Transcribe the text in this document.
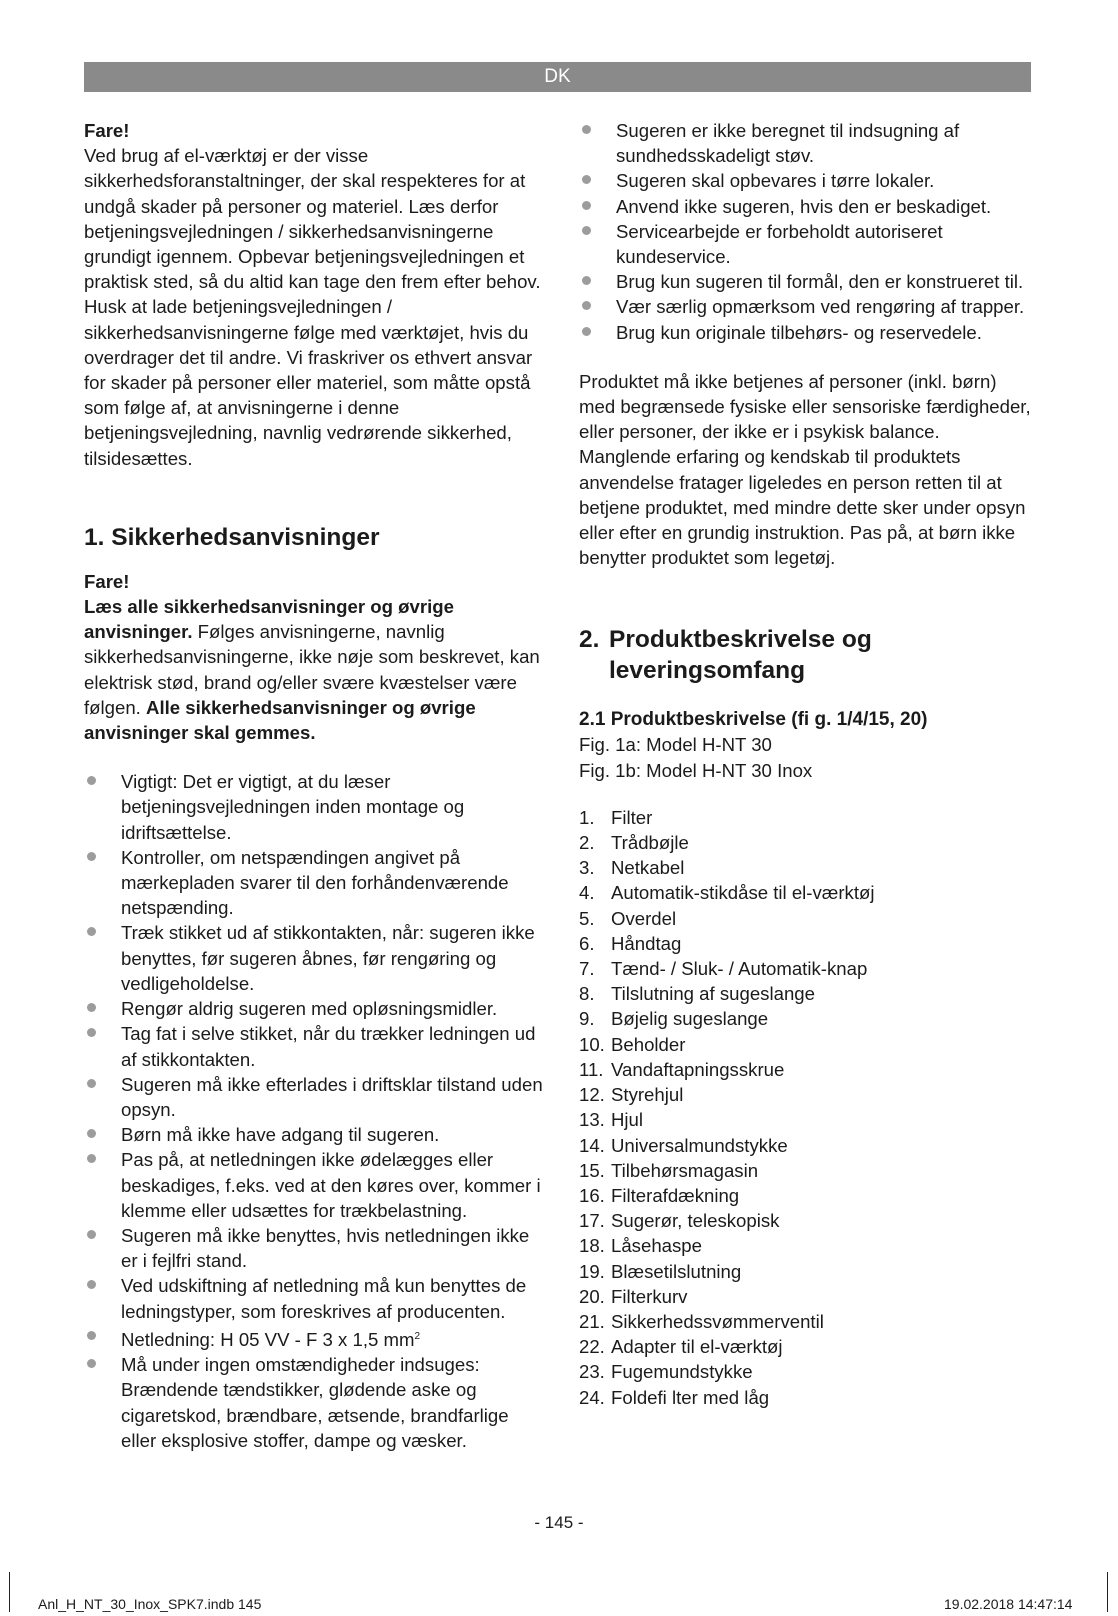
DK

Fare!

Ved brug af el-værktøj er der visse sikkerhedsforanstaltninger, der skal respekteres for at undgå skader på personer og materiel. Læs derfor betjeningsvejledningen / sikkerhedsanvisningerne grundigt igennem. Opbevar betjeningsvejledningen et praktisk sted, så du altid kan tage den frem efter behov. Husk at lade betjeningsvejledningen / sikkerhedsanvisningerne følge med værktøjet, hvis du overdrager det til andre. Vi fraskriver os ethvert ansvar for skader på personer eller materiel, som måtte opstå som følge af, at anvisningerne i denne betjeningsvejledning, navnlig vedrørende sikkerhed, tilsidesættes.

1. Sikkerhedsanvisninger

Fare!

Læs alle sikkerhedsanvisninger og øvrige anvisninger. Følges anvisningerne, navnlig sikkerhedsanvisningerne, ikke nøje som beskrevet, kan elektrisk stød, brand og/eller svære kvæstelser være følgen. Alle sikkerhedsanvisninger og øvrige anvisninger skal gemmes.

Vigtigt: Det er vigtigt, at du læser betjeningsvejledningen inden montage og idriftsættelse.
Kontroller, om netspændingen angivet på mærkepladen svarer til den forhåndenværende netspænding.
Træk stikket ud af stikkontakten, når: sugeren ikke benyttes, før sugeren åbnes, før rengøring og vedligeholdelse.
Rengør aldrig sugeren med opløsningsmidler.
Tag fat i selve stikket, når du trækker ledningen ud af stikkontakten.
Sugeren må ikke efterlades i driftsklar tilstand uden opsyn.
Børn må ikke have adgang til sugeren.
Pas på, at netledningen ikke ødelægges eller beskadiges, f.eks. ved at den køres over, kommer i klemme eller udsættes for trækbelastning.
Sugeren må ikke benyttes, hvis netledningen ikke er i fejlfri stand.
Ved udskiftning af netledning må kun benyttes de ledningstyper, som foreskrives af producenten.
Netledning: H 05 VV - F 3 x 1,5 $mm^2$
Må under ingen omstændigheder indsuges: Brændende tændstikker, glødende aske og cigaretskod, brændbare, ætsende, brandfarlige eller eksplosive stoffer, dampe og væsker.
Sugeren er ikke beregnet til indsugning af sundhedsskadeligt støv.
Sugeren skal opbevares i tørre lokaler.
Anvend ikke sugeren, hvis den er beskadiget.
Servicearbejde er forbeholdt autoriseret kundeservice.
Brug kun sugeren til formål, den er konstrueret til.
Vær særlig opmærksom ved rengøring af trapper.
Brug kun originale tilbehørs- og reservedele.

Produktet må ikke betjenes af personer (inkl. børn) med begrænsede fysiske eller sensoriske færdigheder, eller personer, der ikke er i psykisk balance. Manglende erfaring og kendskab til produktets anvendelse fratager ligeledes en person retten til at betjene produktet, med mindre dette sker under opsyn eller efter en grundig instruktion. Pas på, at børn ikke benytter produktet som legetøj.

2. Produktbeskrivelse og leveringsomfang

2.1 Produktbeskrivelse (fi g. 1/4/15, 20)

Fig. 1a: Model H-NT 30

Fig. 1b: Model H-NT 30 Inox

1. Filter
2. Trådbøjle
3. Netkabel
4. Automatik-stikdåse til el-værktøj
5. Overdel
6. Håndtag
7. Tænd- / Sluk- / Automatik-knap
8. Tilslutning af sugeslange
9. Bøjelig sugeslange
10. Beholder
11. Vandaftapningsskrue
12. Styrehjul
13. Hjul
14. Universalmundstykke
15. Tilbehørsmagasin
16. Filterafdækning
17. Sugerør, teleskopisk
18. Låsehaspe
19. Blæsetilslutning
20. Filterkurv
21. Sikkerhedssvømmerventil
22. Adapter til el-værktøj
23. Fugemundstykke
24. Foldefi lter med låg
- 145 -
Anl_H_NT_30_Inox_SPK7.indb 145	19.02.2018 14:47:14
